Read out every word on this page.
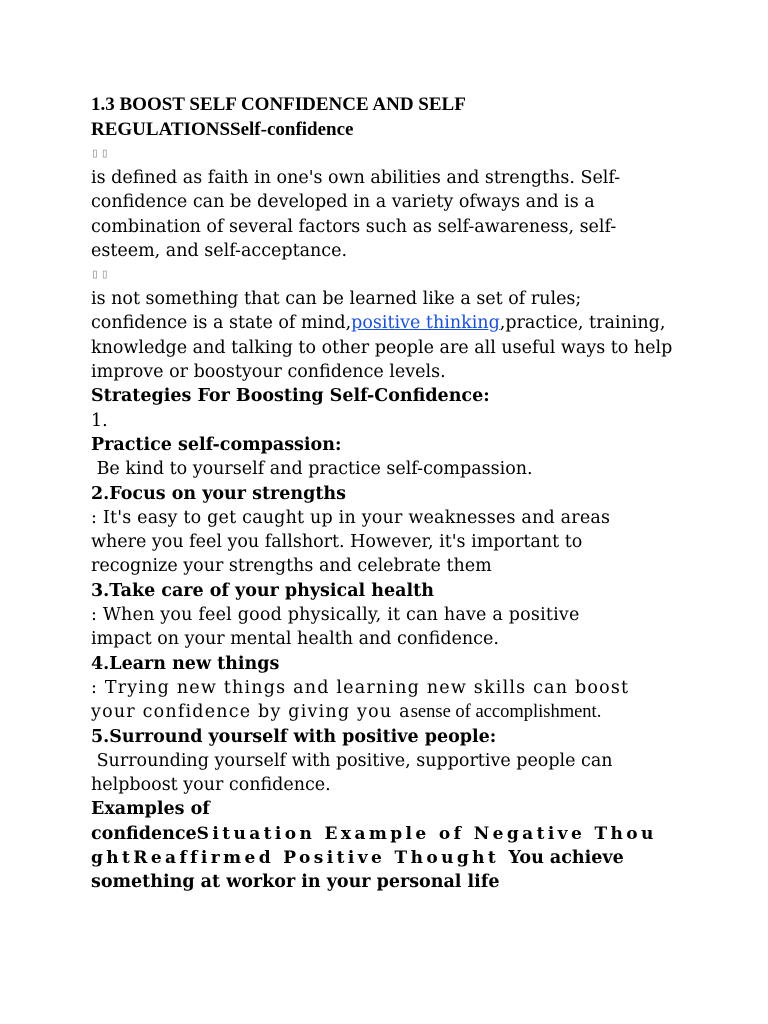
1.3 BOOST SELF CONFIDENCE AND SELF
REGULATIONSSelf-confidence
▯▯
is defined as faith in one's own abilities and strengths. Self-
confidence can be developed in a variety ofways and is a
combination of several factors such as self-awareness, self-
esteem, and self-acceptance.
▯▯
is not something that can be learned like a set of rules;
confidence is a state of mind,positive thinking,practice, training,
knowledge and talking to other people are all useful ways to help
improve or boostyour confidence levels.
Strategies For Boosting Self-Confidence:
1.
Practice self-compassion:
Be kind to yourself and practice self-compassion.
2.Focus on your strengths
: It's easy to get caught up in your weaknesses and areas
where you feel you fallshort. However, it's important to
recognize your strengths and celebrate them
3.Take care of your physical health
: When you feel good physically, it can have a positive
impact on your mental health and confidence.
4.Learn new things
: Trying new things and learning new skills can boost
your confidence by giving you asense of accomplishment.
5.Surround yourself with positive people:
Surrounding yourself with positive, supportive people can
helpboost your confidence.
Examples of
confidenceSituation Example of Negative Thou
ghtReaffirmed Positive Thought You achieve
something at workor in your personal life
